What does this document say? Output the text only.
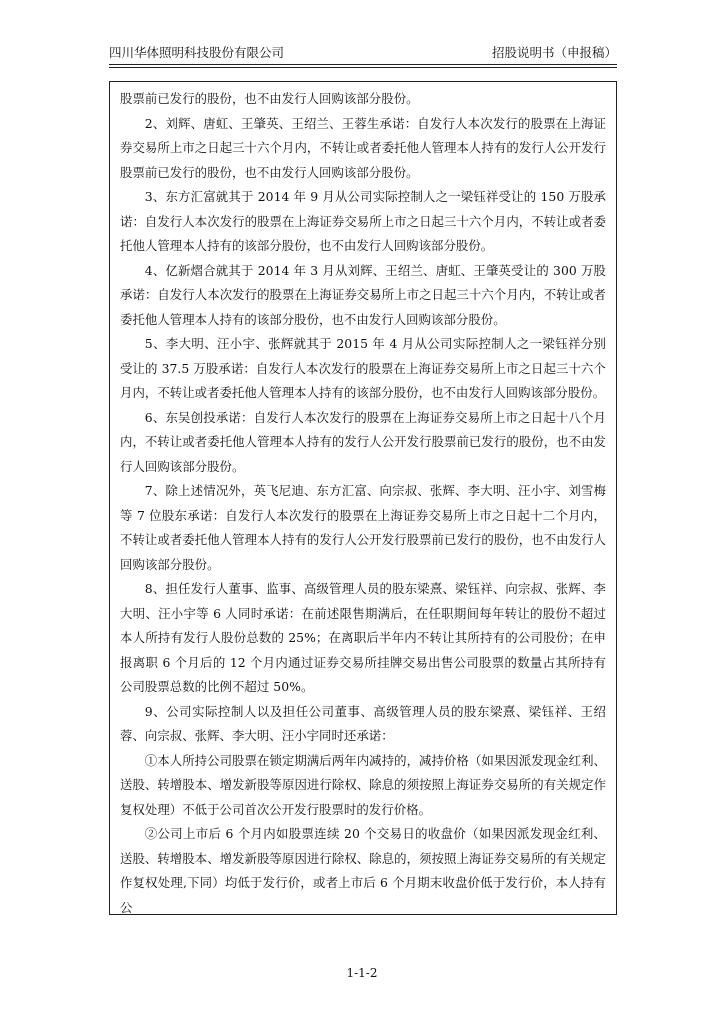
四川华体照明科技股份有限公司	招股说明书（申报稿）

股票前已发行的股份，也不由发行人回购该部分股份。

2、刘辉、唐虹、王肇英、王绍兰、王蓉生承诺：自发行人本次发行的股票在上海证券交易所上市之日起三十六个月内，不转让或者委托他人管理本人持有的发行人公开发行股票前已发行的股份，也不由发行人回购该部分股份。

3、东方汇富就其于 2014 年 9 月从公司实际控制人之一梁钰祥受让的 150 万股承诺：自发行人本次发行的股票在上海证券交易所上市之日起三十六个月内，不转让或者委托他人管理本人持有的该部分股份，也不由发行人回购该部分股份。

4、亿新熠合就其于 2014 年 3 月从刘辉、王绍兰、唐虹、王肇英受让的 300 万股承诺：自发行人本次发行的股票在上海证券交易所上市之日起三十六个月内，不转让或者委托他人管理本人持有的该部分股份，也不由发行人回购该部分股份。

5、李大明、汪小宇、张辉就其于 2015 年 4 月从公司实际控制人之一梁钰祥分别受让的 37.5 万股承诺：自发行人本次发行的股票在上海证券交易所上市之日起三十六个月内，不转让或者委托他人管理本人持有的该部分股份，也不由发行人回购该部分股份。

6、东吴创投承诺：自发行人本次发行的股票在上海证券交易所上市之日起十八个月内，不转让或者委托他人管理本人持有的发行人公开发行股票前已发行的股份，也不由发行人回购该部分股份。

7、除上述情况外，英飞尼迪、东方汇富、向宗叔、张辉、李大明、汪小宇、刘雪梅等 7 位股东承诺：自发行人本次发行的股票在上海证券交易所上市之日起十二个月内，不转让或者委托他人管理本人持有的发行人公开发行股票前已发行的股份，也不由发行人回购该部分股份。

8、担任发行人董事、监事、高级管理人员的股东梁熹、梁钰祥、向宗叔、张辉、李大明、汪小宇等 6 人同时承诺：在前述限售期满后，在任职期间每年转让的股份不超过本人所持有发行人股份总数的 25%；在离职后半年内不转让其所持有的公司股份；在申报离职 6 个月后的 12 个月内通过证券交易所挂牌交易出售公司股票的数量占其所持有公司股票总数的比例不超过 50%。

9、公司实际控制人以及担任公司董事、高级管理人员的股东梁熹、梁钰祥、王绍蓉、向宗叔、张辉、李大明、汪小宇同时还承诺：

①本人所持公司股票在锁定期满后两年内减持的，减持价格（如果因派发现金红利、送股、转增股本、增发新股等原因进行除权、除息的须按照上海证券交易所的有关规定作复权处理）不低于公司首次公开发行股票时的发行价格。

②公司上市后 6 个月内如股票连续 20 个交易日的收盘价（如果因派发现金红利、送股、转增股本、增发新股等原因进行除权、除息的，须按照上海证券交易所的有关规定作复权处理,下同）均低于发行价，或者上市后 6 个月期末收盘价低于发行价，本人持有公

1-1-2
